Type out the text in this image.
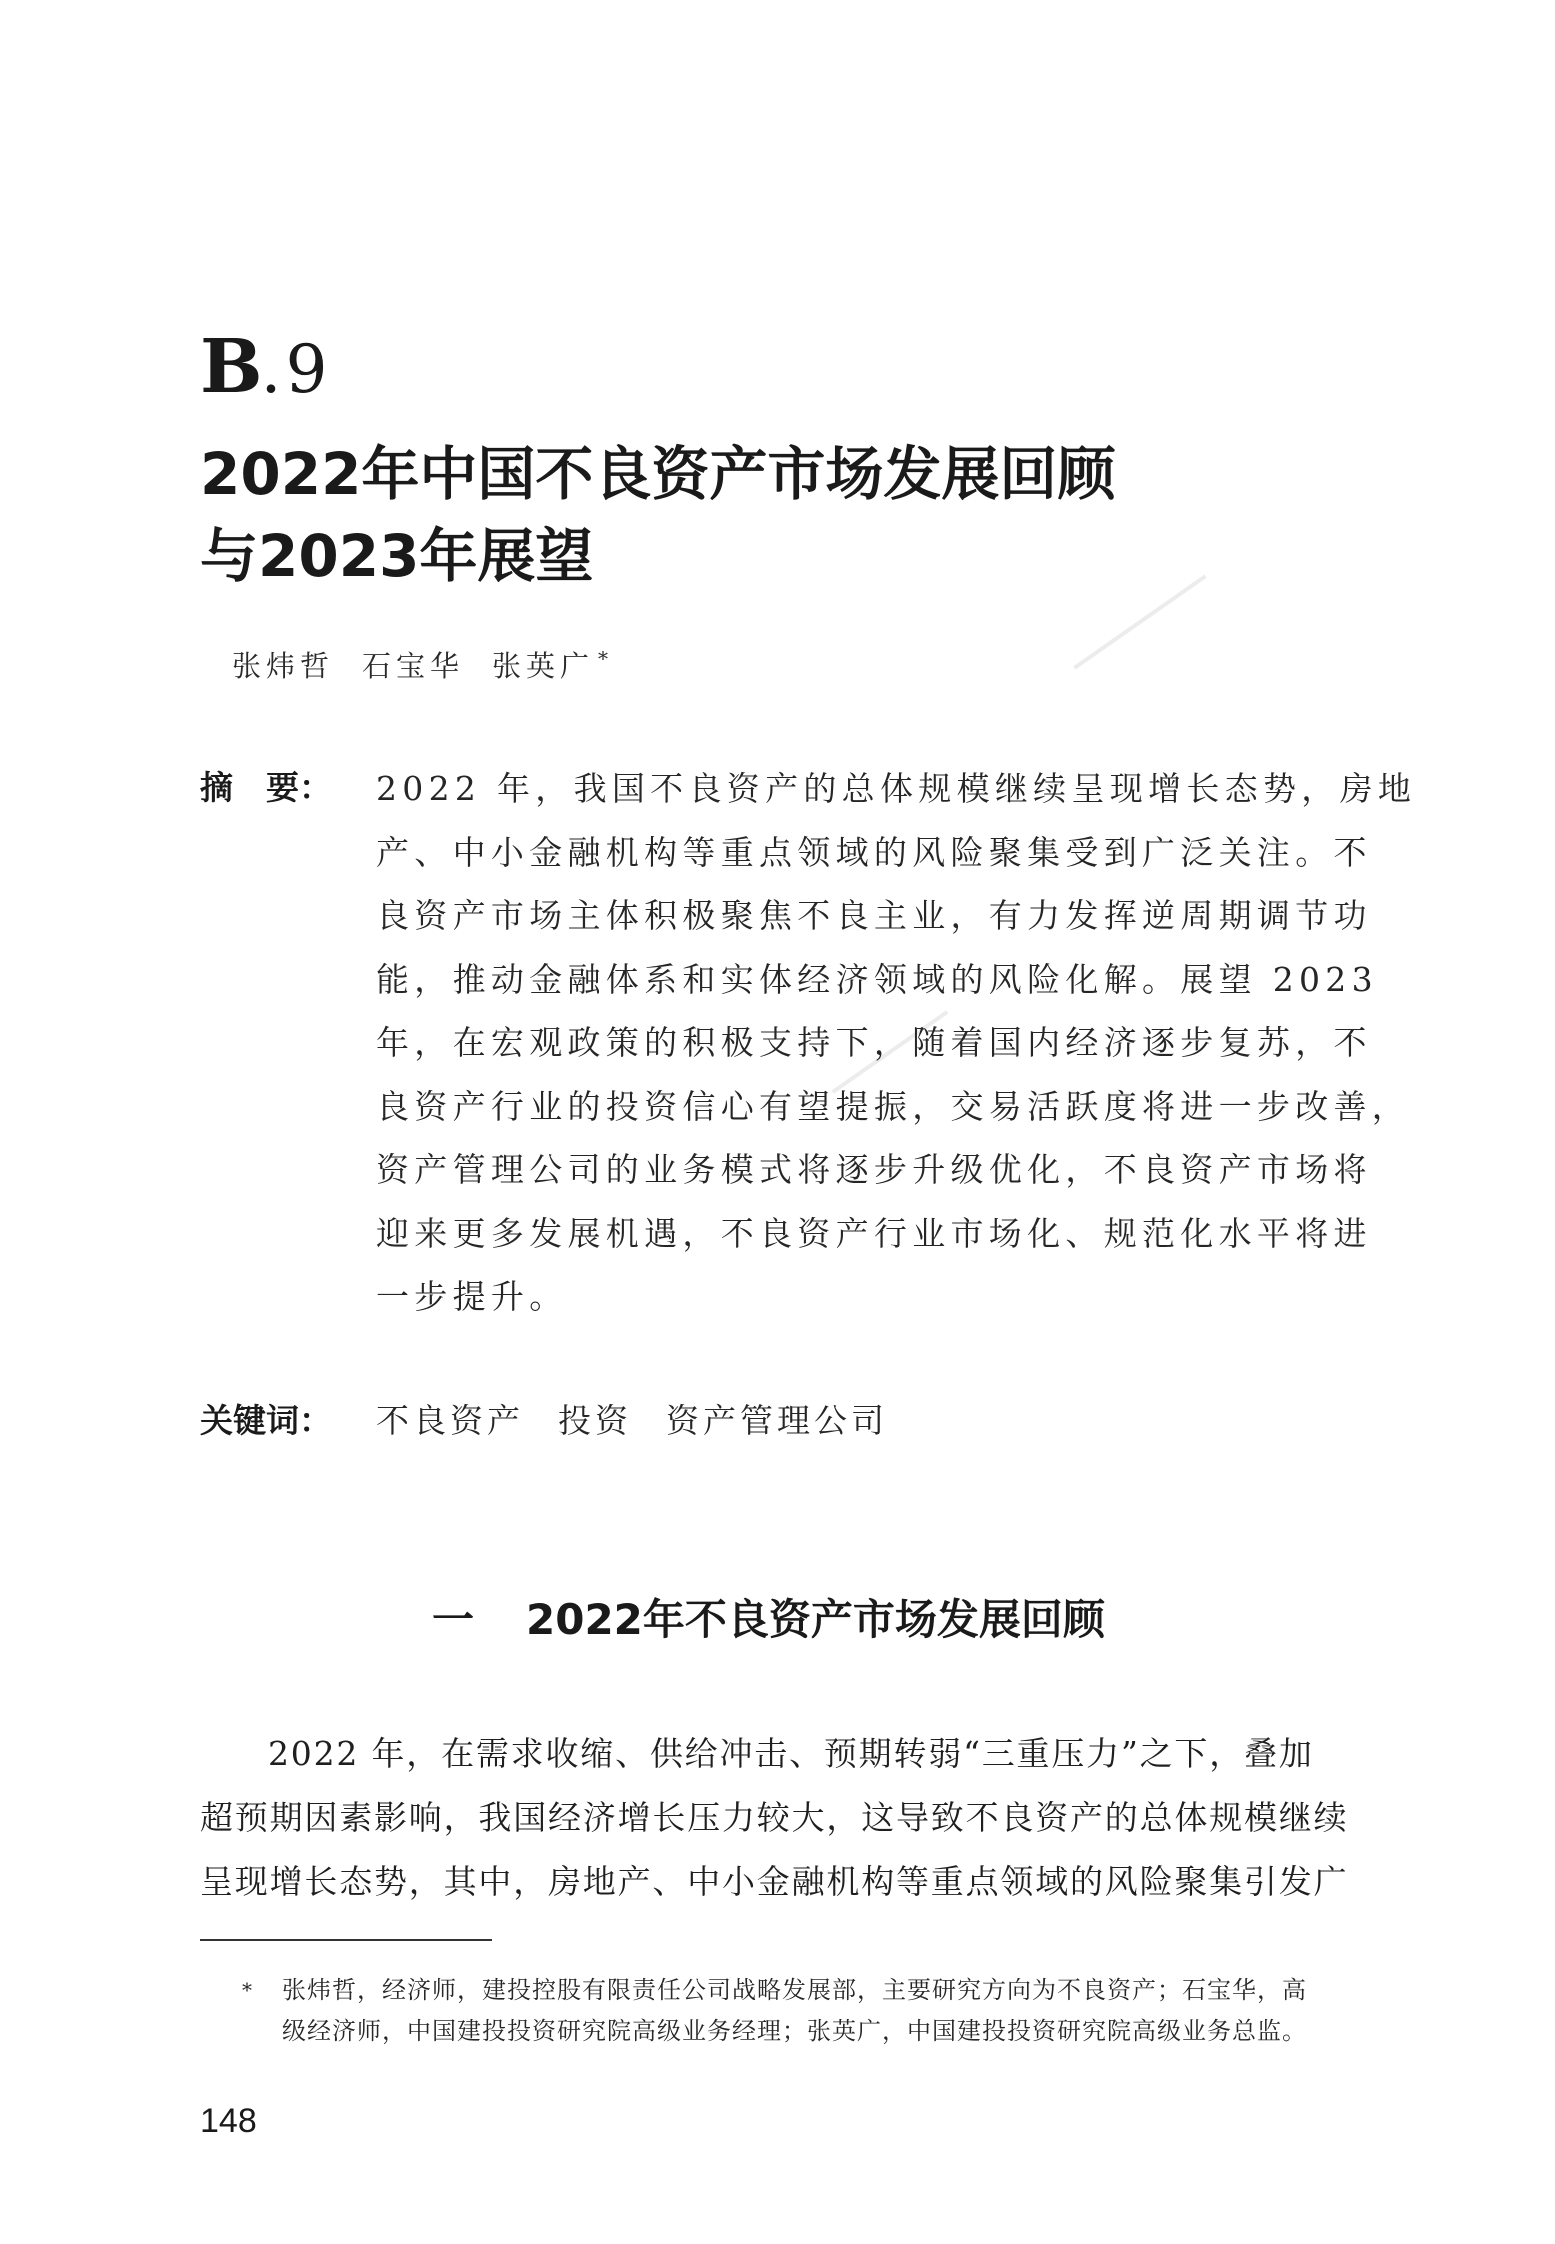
B.9
2022年中国不良资产市场发展回顾
与2023年展望
张炜哲 石宝华 张英广 *
摘　要： 2022 年，我国不良资产的总体规模继续呈现增长态势，房地
产、中小金融机构等重点领域的风险聚集受到广泛关注。不
良资产市场主体积极聚焦不良主业，有力发挥逆周期调节功
能，推动金融体系和实体经济领域的风险化解。展望 2023
年，在宏观政策的积极支持下，随着国内经济逐步复苏，不
良资产行业的投资信心有望提振，交易活跃度将进一步改善，
资产管理公司的业务模式将逐步升级优化，不良资产市场将
迎来更多发展机遇，不良资产行业市场化、规范化水平将进
一步提升。
关键词： 不良资产 投资 资产管理公司
一 2022年不良资产市场发展回顾
2022 年，在需求收缩、供给冲击、预期转弱“三重压力”之下，叠加
超预期因素影响，我国经济增长压力较大，这导致不良资产的总体规模继续
呈现增长态势，其中，房地产、中小金融机构等重点领域的风险聚集引发广
* 张炜哲，经济师，建投控股有限责任公司战略发展部，主要研究方向为不良资产；石宝华，高
级经济师，中国建投投资研究院高级业务经理；张英广，中国建投投资研究院高级业务总监。
148
